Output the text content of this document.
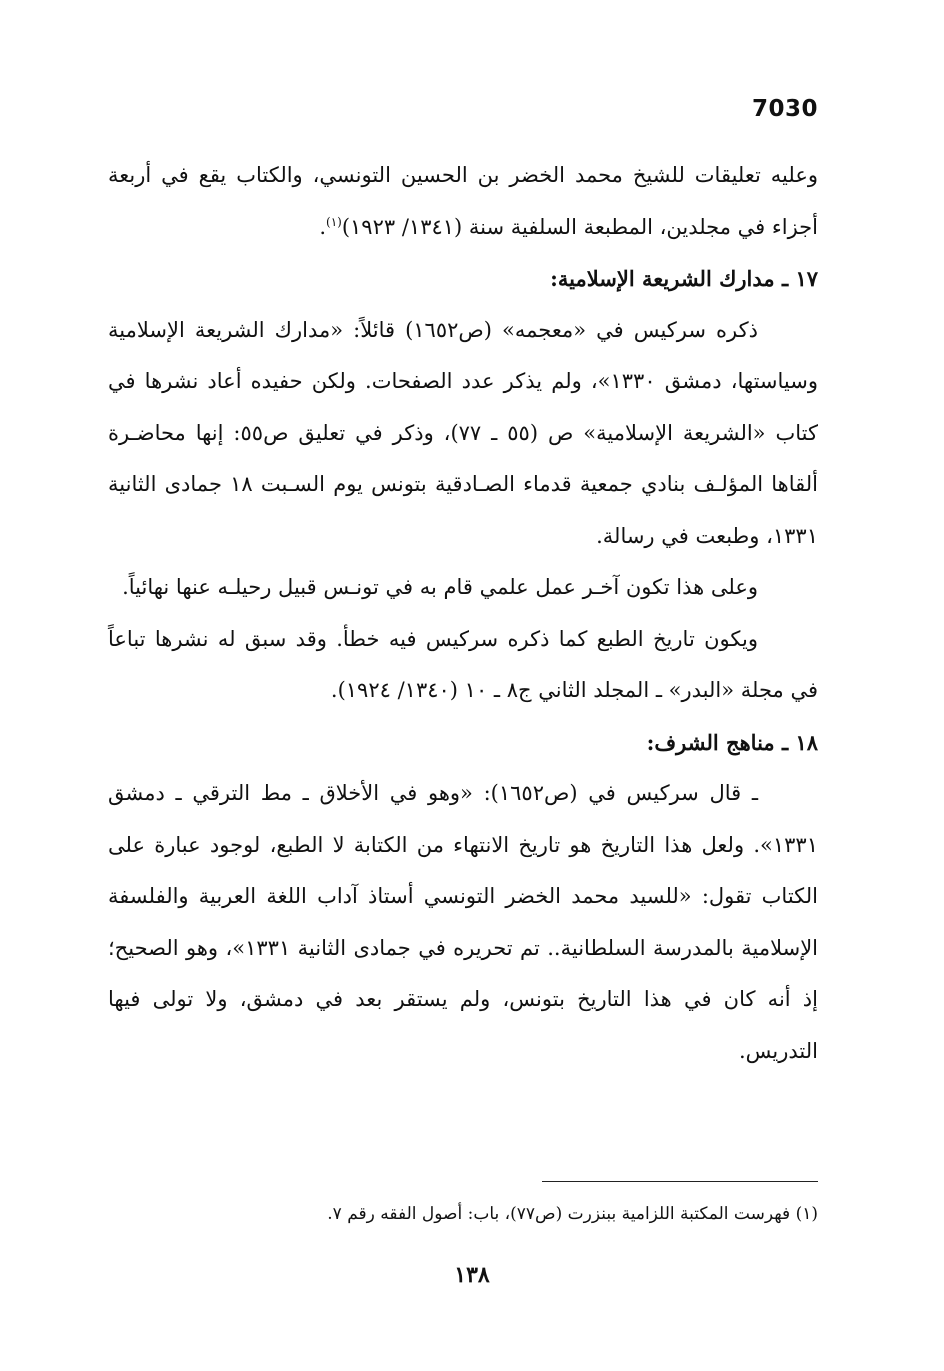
7030

وعليه تعليقات للشيخ محمد الخضر بن الحسين التونسي، والكتاب يقع في أربعة أجزاء في مجلدين، المطبعة السلفية سنة (١٣٤١/ ١٩٢٣)$^{(١)}$.

١٧ ـ مدارك الشريعة الإسلامية:

ذكره سركيس في «معجمه» (ص١٦٥٢) قائلاً: «مدارك الشريعة الإسلامية وسياستها، دمشق ١٣٣٠»، ولم يذكر عدد الصفحات. ولكن حفيده أعاد نشرها في كتاب «الشريعة الإسلامية» ص (٥٥ ـ ٧٧)، وذكر في تعليق ص٥٥: إنها محاضـرة ألقاها المؤلـف بنادي جمعية قدماء الصـادقية بتونس يوم السـبت ١٨ جمادى الثانية ١٣٣١، وطبعت في رسالة.

وعلى هذا تكون آخـر عمل علمي قام به في تونـس قبيل رحيلـه عنها نهائياً.

ويكون تاريخ الطبع كما ذكره سركيس فيه خطأ. وقد سبق له نشرها تباعاً في مجلة «البدر» ـ المجلد الثاني ج٨ ـ ١٠ (١٣٤٠/ ١٩٢٤).

١٨ ـ مناهج الشرف:

ـ قال سركيس في (ص١٦٥٢): «وهو في الأخلاق ـ مط الترقي ـ دمشق ١٣٣١». ولعل هذا التاريخ هو تاريخ الانتهاء من الكتابة لا الطبع، لوجود عبارة على الكتاب تقول: «للسيد محمد الخضر التونسي أستاذ آداب اللغة العربية والفلسفة الإسلامية بالمدرسة السلطانية.. تم تحريره في جمادى الثانية ١٣٣١»، وهو الصحيح؛ إذ أنه كان في هذا التاريخ بتونس، ولم يستقر بعد في دمشق، ولا تولى فيها التدريس.

(١) فهرست المكتبة اللزامية ببنزرت (ص٧٧)، باب: أصول الفقه رقم ٧.
١٣٨
